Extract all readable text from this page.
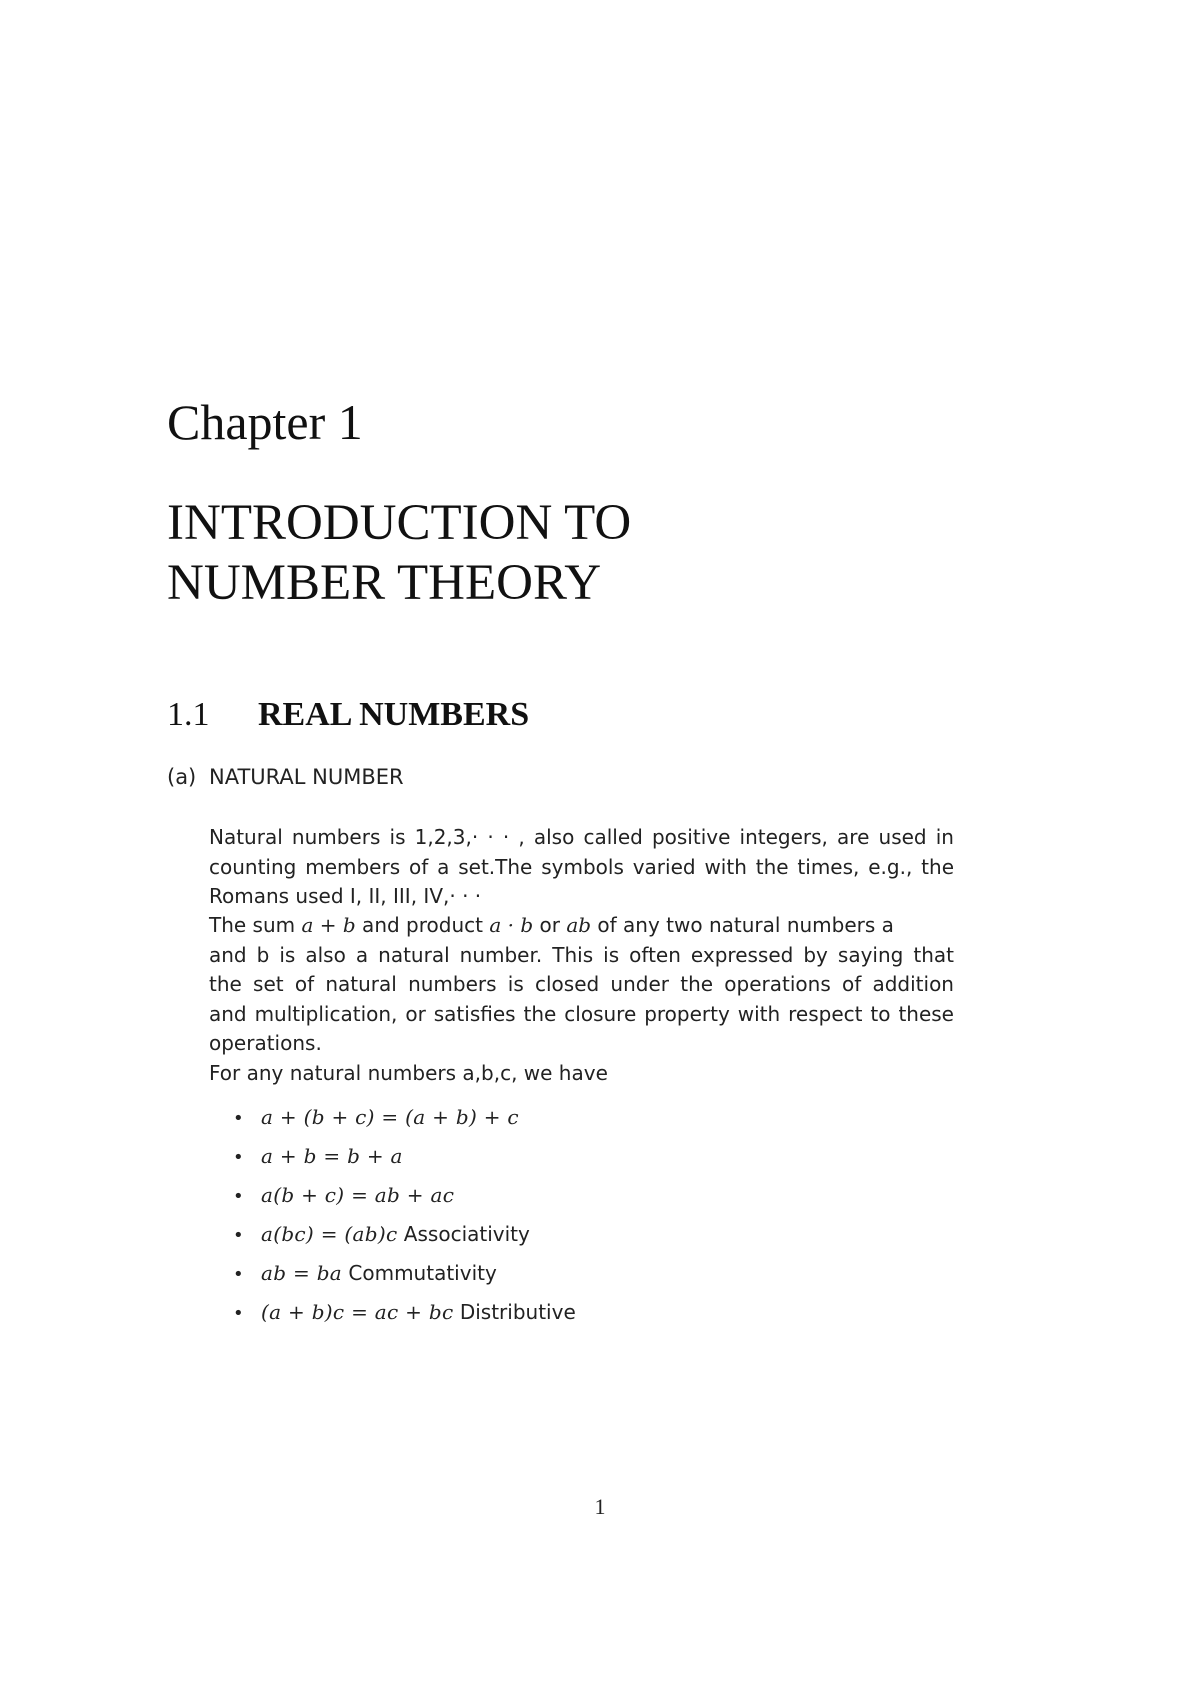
Chapter 1
INTRODUCTION TO
NUMBER THEORY
1.1 REAL NUMBERS
(a) NATURAL NUMBER
Natural numbers is 1,2,3,· · · , also called positive integers, are used in
counting members of a set.The symbols varied with the times, e.g., the
Romans used I, II, III, IV,· · ·
The sum a + b and product a · b or ab of any two natural numbers a
and b is also a natural number. This is often expressed by saying that
the set of natural numbers is closed under the operations of addition
and multiplication, or satisfies the closure property with respect to these
operations.
For any natural numbers a,b,c, we have
• a + (b + c) = (a + b) + c
• a + b = b + a
• a(b + c) = ab + ac
• a(bc) = (ab)c Associativity
• ab = ba Commutativity
• (a + b)c = ac + bc Distributive
1
